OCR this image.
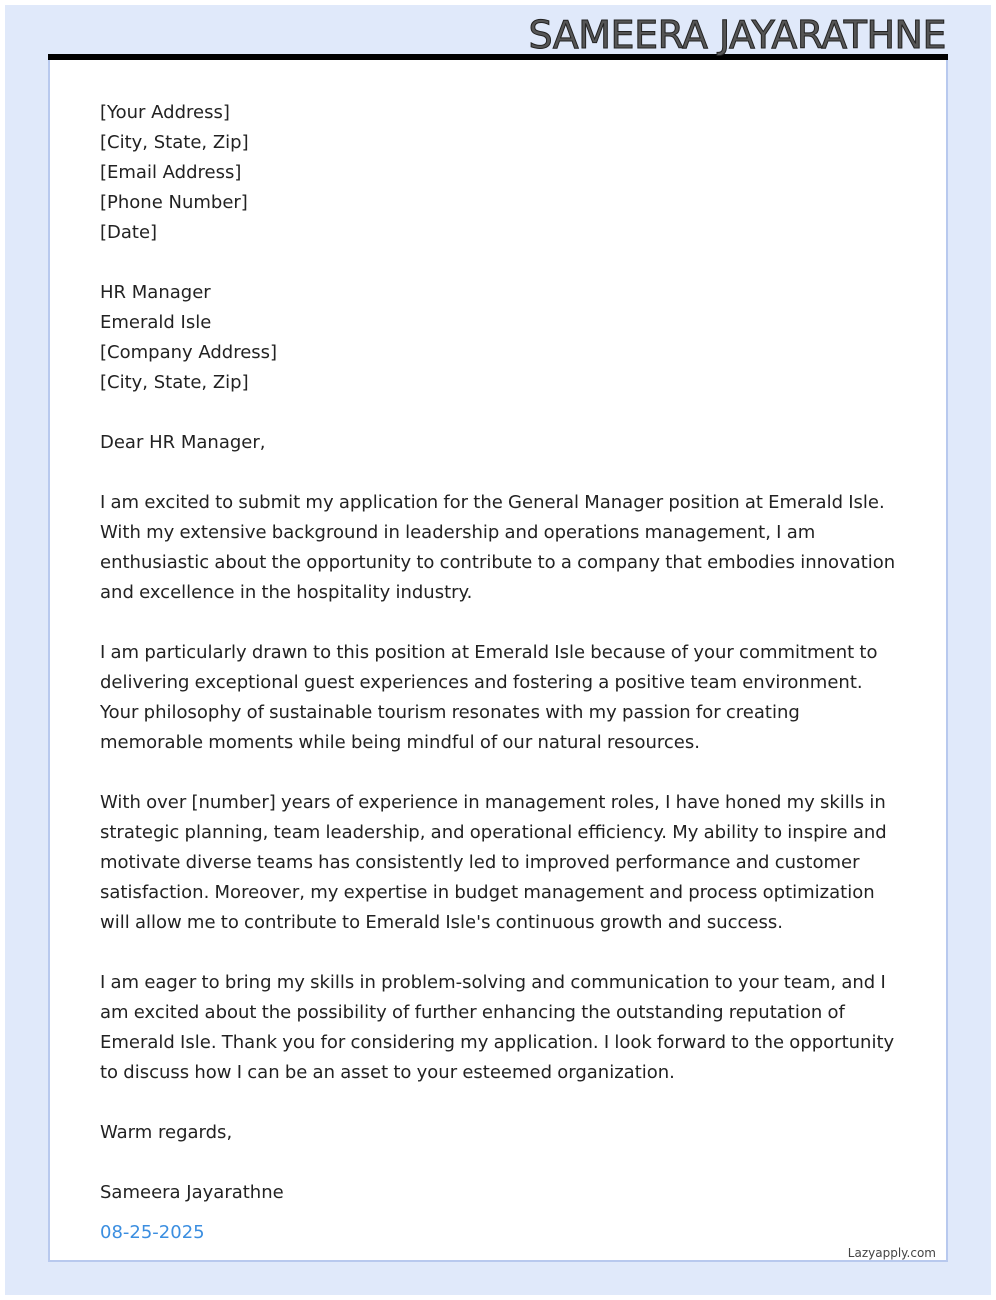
SAMEERA JAYARATHNE
[Your Address]
[City, State, Zip]
[Email Address]
[Phone Number]
[Date]
HR Manager
Emerald Isle
[Company Address]
[City, State, Zip]
Dear HR Manager,
I am excited to submit my application for the General Manager position at Emerald Isle. With my extensive background in leadership and operations management, I am enthusiastic about the opportunity to contribute to a company that embodies innovation and excellence in the hospitality industry.
I am particularly drawn to this position at Emerald Isle because of your commitment to delivering exceptional guest experiences and fostering a positive team environment. Your philosophy of sustainable tourism resonates with my passion for creating memorable moments while being mindful of our natural resources.
With over [number] years of experience in management roles, I have honed my skills in strategic planning, team leadership, and operational efficiency. My ability to inspire and motivate diverse teams has consistently led to improved performance and customer satisfaction. Moreover, my expertise in budget management and process optimization will allow me to contribute to Emerald Isle's continuous growth and success.
I am eager to bring my skills in problem-solving and communication to your team, and I am excited about the possibility of further enhancing the outstanding reputation of Emerald Isle. Thank you for considering my application. I look forward to the opportunity to discuss how I can be an asset to your esteemed organization.
Warm regards,
Sameera Jayarathne
08-25-2025
Lazyapply.com
